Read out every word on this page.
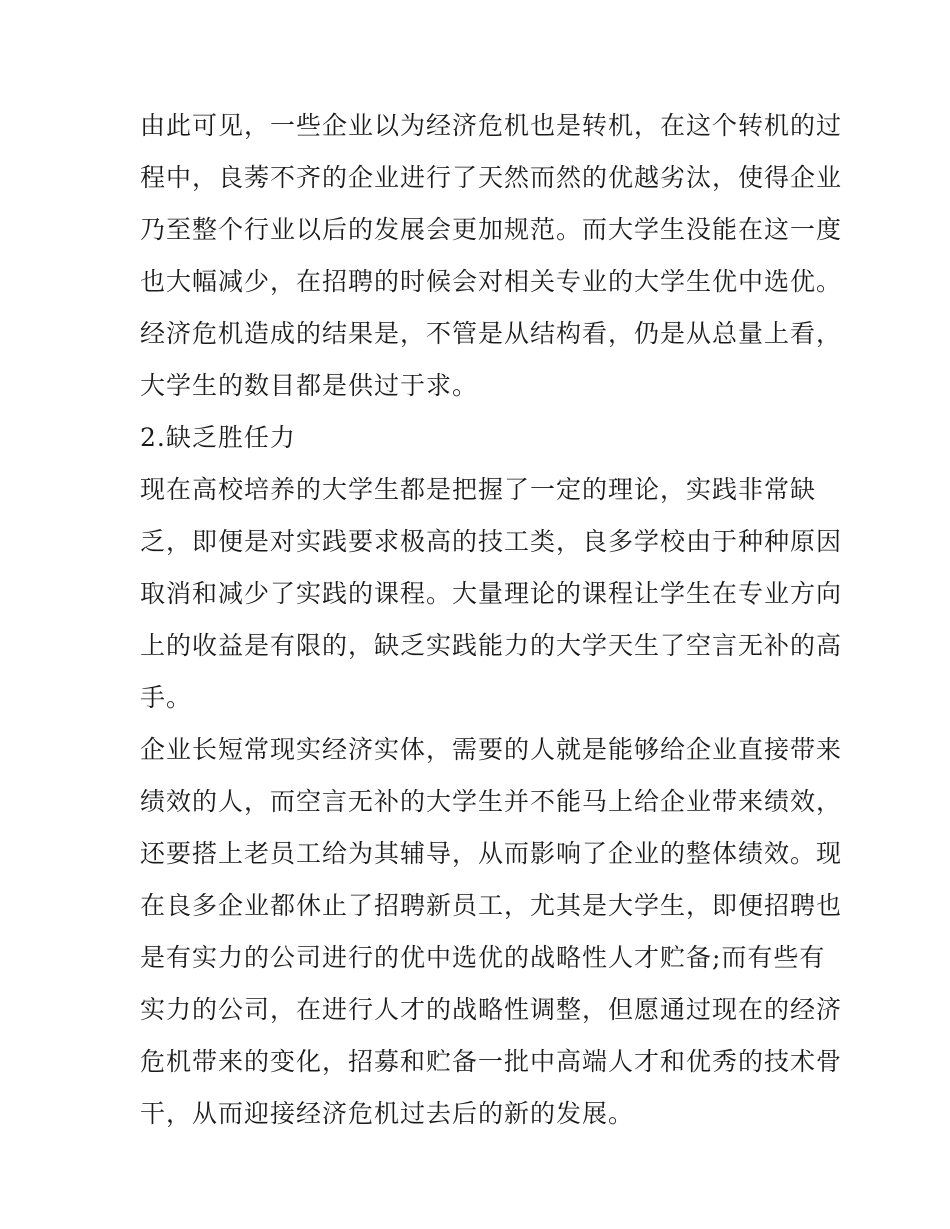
由此可见，一些企业以为经济危机也是转机，在这个转机的过
程中，良莠不齐的企业进行了天然而然的优越劣汰，使得企业
乃至整个行业以后的发展会更加规范。而大学生没能在这一度
也大幅减少，在招聘的时候会对相关专业的大学生优中选优。
经济危机造成的结果是，不管是从结构看，仍是从总量上看，
大学生的数目都是供过于求。
2.缺乏胜任力
现在高校培养的大学生都是把握了一定的理论，实践非常缺
乏，即便是对实践要求极高的技工类，良多学校由于种种原因
取消和减少了实践的课程。大量理论的课程让学生在专业方向
上的收益是有限的，缺乏实践能力的大学天生了空言无补的高
手。
企业长短常现实经济实体，需要的人就是能够给企业直接带来
绩效的人，而空言无补的大学生并不能马上给企业带来绩效，
还要搭上老员工给为其辅导，从而影响了企业的整体绩效。现
在良多企业都休止了招聘新员工，尤其是大学生，即便招聘也
是有实力的公司进行的优中选优的战略性人才贮备;而有些有
实力的公司，在进行人才的战略性调整，但愿通过现在的经济
危机带来的变化，招募和贮备一批中高端人才和优秀的技术骨
干，从而迎接经济危机过去后的新的发展。
